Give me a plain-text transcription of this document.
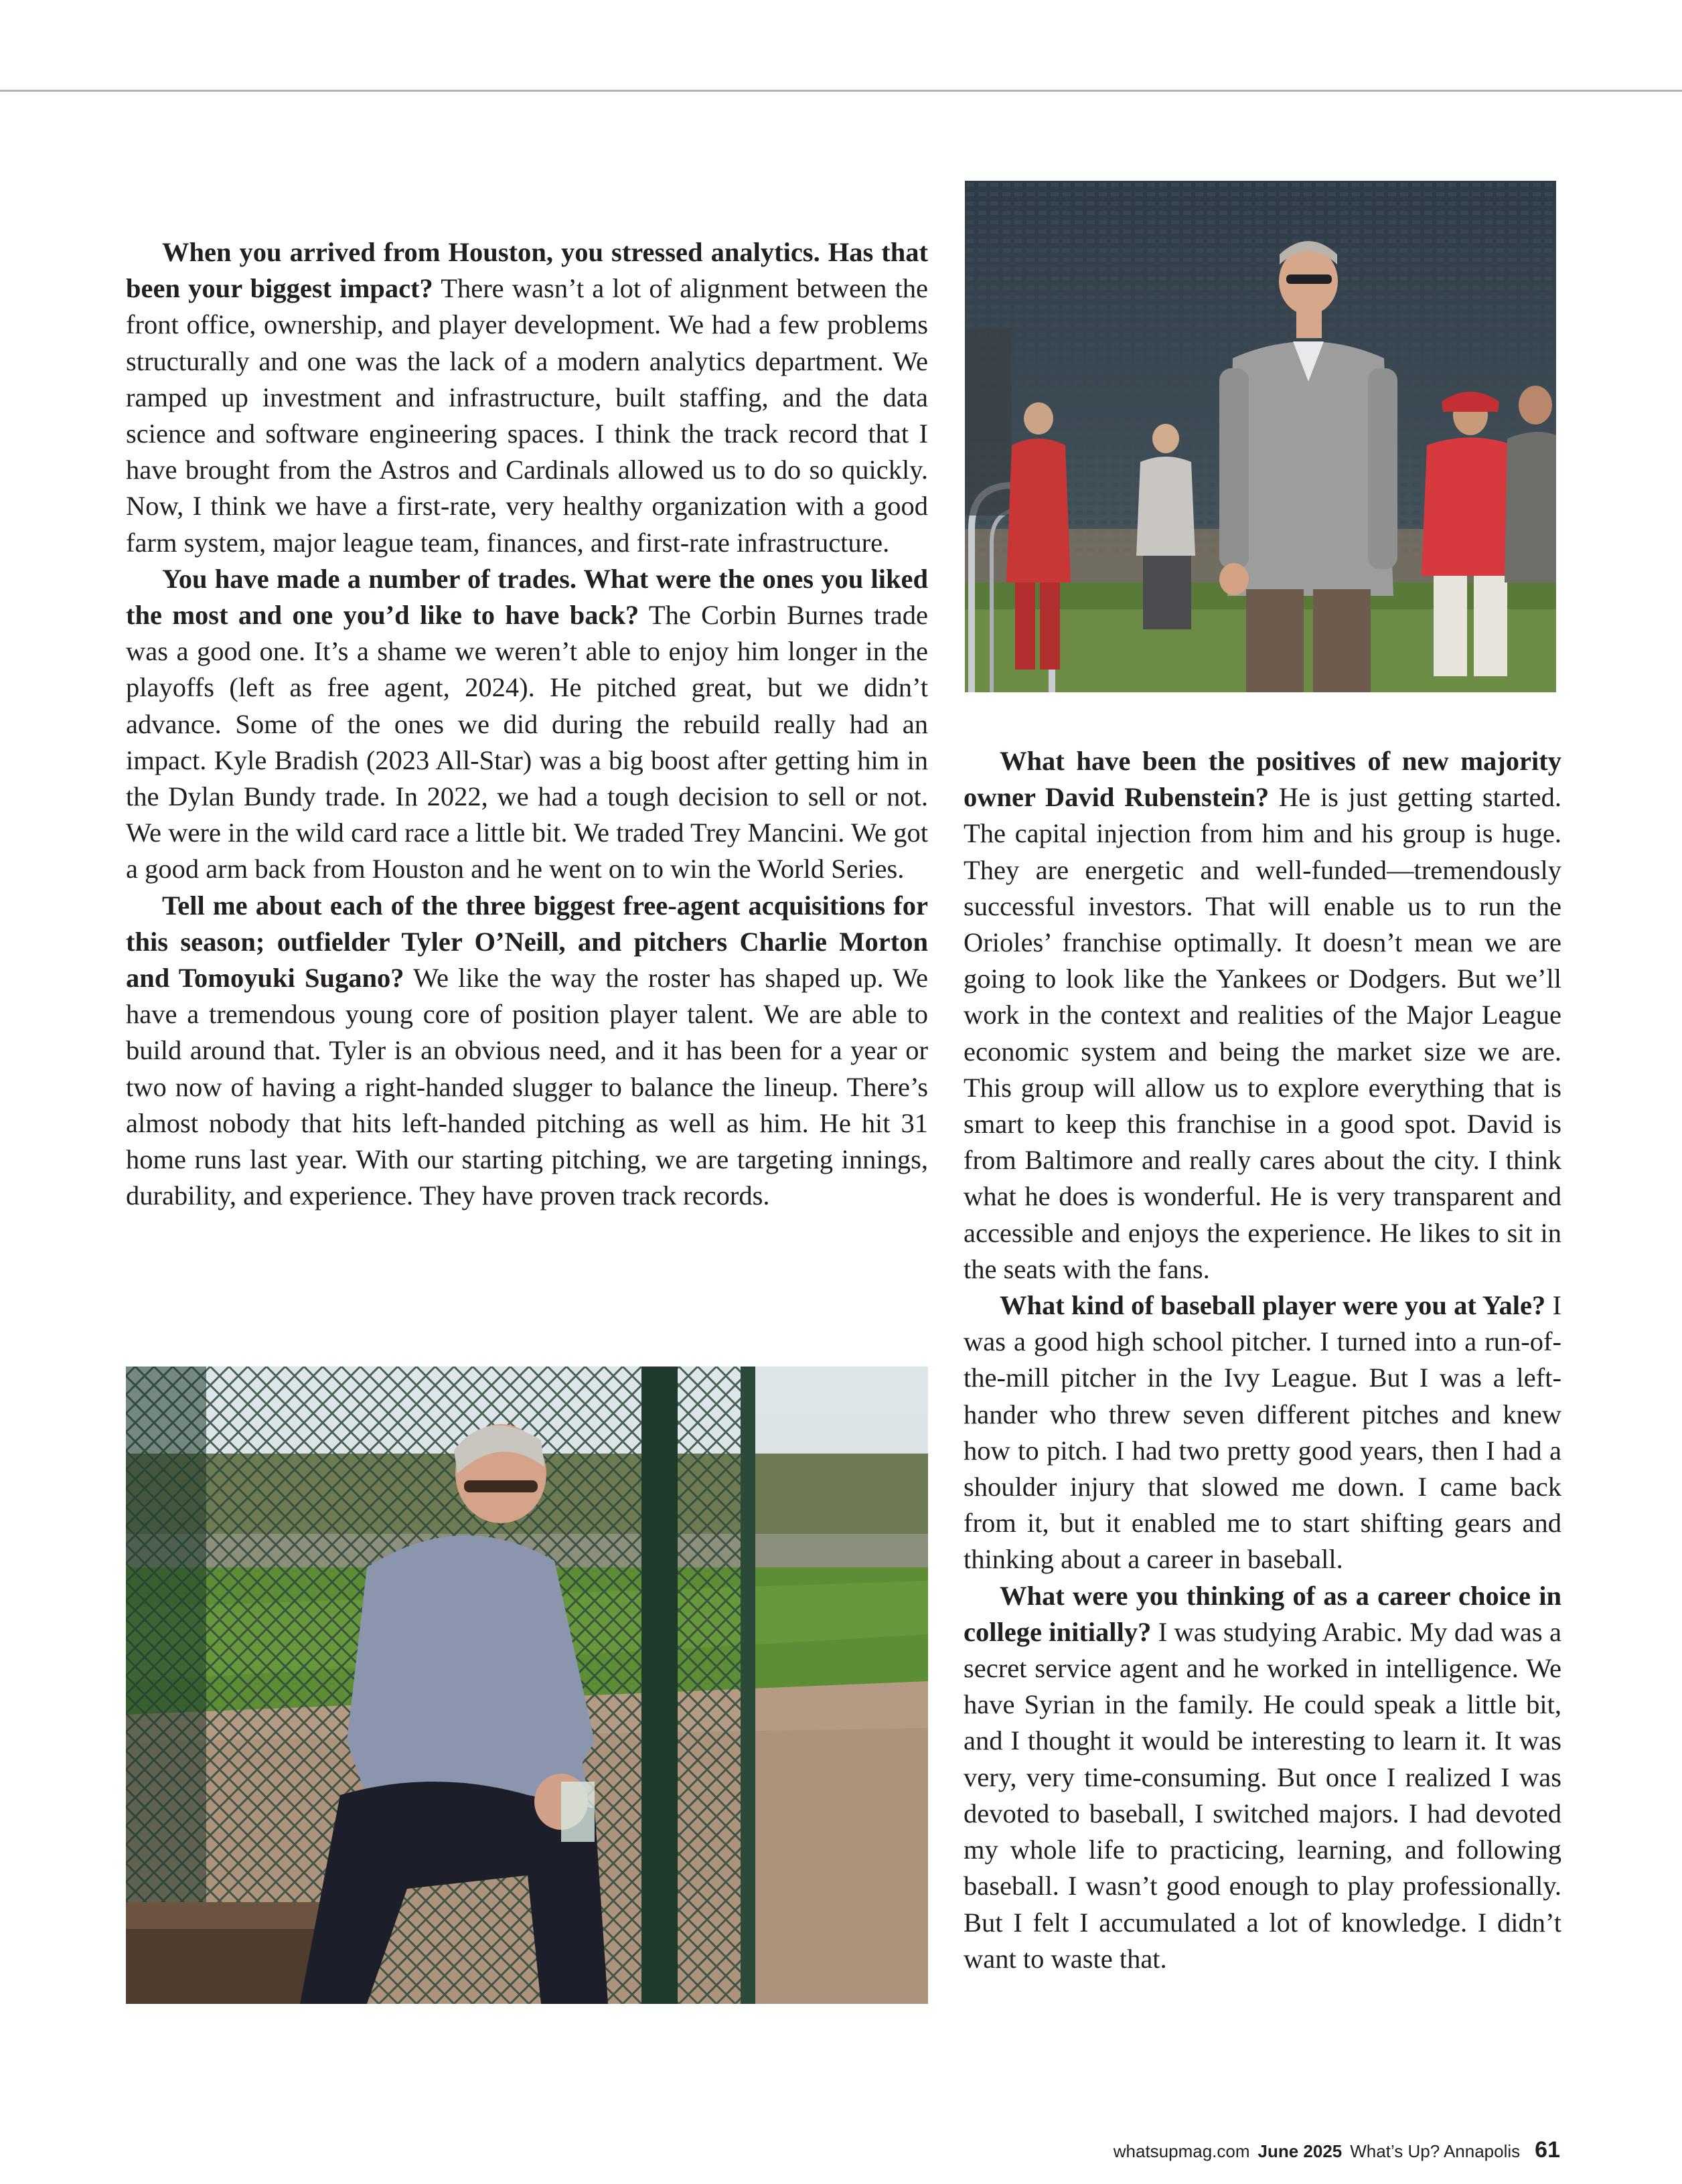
When you arrived from Houston, you stressed analytics. Has that been your biggest impact? There wasn’t a lot of alignment between the front office, ownership, and player development. We had a few problems structurally and one was the lack of a modern analytics department. We ramped up investment and infrastructure, built staffing, and the data science and software engineering spaces. I think the track record that I have brought from the Astros and Cardinals allowed us to do so quickly. Now, I think we have a first-rate, very healthy organization with a good farm system, major league team, finances, and first-rate infrastructure.

You have made a number of trades. What were the ones you liked the most and one you’d like to have back? The Corbin Burnes trade was a good one. It’s a shame we weren’t able to enjoy him longer in the playoffs (left as free agent, 2024). He pitched great, but we didn’t advance. Some of the ones we did during the rebuild really had an impact. Kyle Bradish (2023 All-Star) was a big boost after getting him in the Dylan Bundy trade. In 2022, we had a tough decision to sell or not. We were in the wild card race a little bit. We traded Trey Mancini. We got a good arm back from Houston and he went on to win the World Series.

Tell me about each of the three biggest free-agent acquisitions for this season; outfielder Tyler O’Neill, and pitchers Charlie Morton and Tomoyuki Sugano? We like the way the roster has shaped up. We have a tremendous young core of position player talent. We are able to build around that. Tyler is an obvious need, and it has been for a year or two now of having a right-handed slugger to balance the lineup. There’s almost nobody that hits left-handed pitching as well as him. He hit 31 home runs last year. With our starting pitching, we are targeting innings, durability, and experience. They have proven track records.

What have been the positives of new majority owner David Rubenstein? He is just getting started. The capital injection from him and his group is huge. They are energetic and well-funded—tremendously successful investors. That will enable us to run the Orioles’ franchise optimally. It doesn’t mean we are going to look like the Yankees or Dodgers. But we’ll work in the context and realities of the Major League economic system and being the market size we are. This group will allow us to explore everything that is smart to keep this franchise in a good spot. David is from Baltimore and really cares about the city. I think what he does is wonderful. He is very transparent and accessible and enjoys the experience. He likes to sit in the seats with the fans.

What kind of baseball player were you at Yale? I was a good high school pitcher. I turned into a run-of-the-mill pitcher in the Ivy League. But I was a left-hander who threw seven different pitches and knew how to pitch. I had two pretty good years, then I had a shoulder injury that slowed me down. I came back from it, but it enabled me to start shifting gears and thinking about a career in baseball.

What were you thinking of as a career choice in college initially? I was studying Arabic. My dad was a secret service agent and he worked in intelligence. We have Syrian in the family. He could speak a little bit, and I thought it would be interesting to learn it. It was very, very time-consuming. But once I realized I was devoted to baseball, I switched majors. I had devoted my whole life to practicing, learning, and following baseball. I wasn’t good enough to play professionally. But I felt I accumulated a lot of knowledge. I didn’t want to waste that.

whatsupmag.com June 2025 What’s Up? Annapolis 61
